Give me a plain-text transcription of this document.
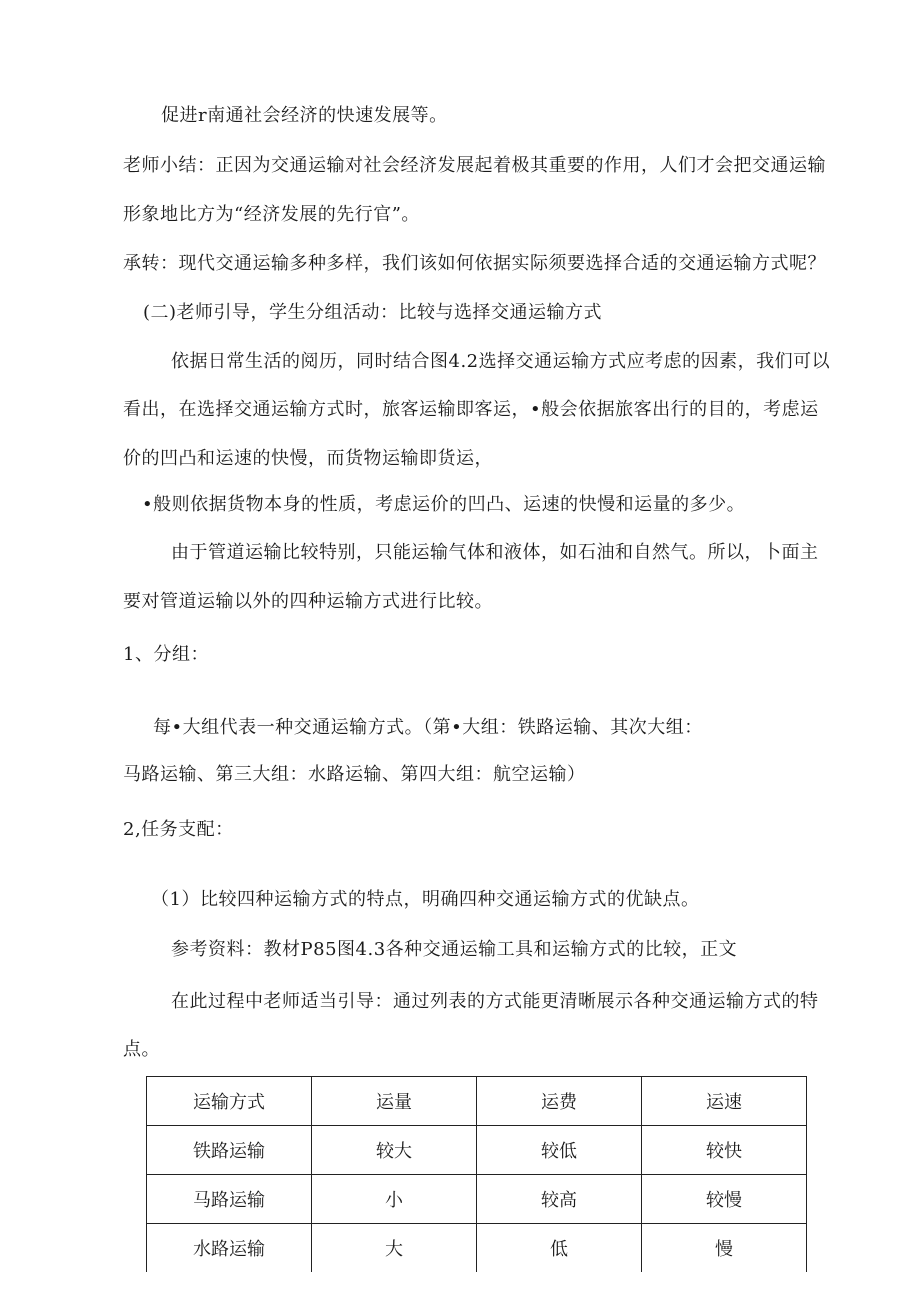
促进r南通社会经济的快速发展等。
老师小结：正因为交通运输对社会经济发展起着极其重要的作用，人们才会把交通运输
形象地比方为“经济发展的先行官”。
承转：现代交通运输多种多样，我们该如何依据实际须要选择合适的交通运输方式呢？
(二)老师引导，学生分组活动：比较与选择交通运输方式
依据日常生活的阅历，同时结合图4.2选择交通运输方式应考虑的因素，我们可以
看出，在选择交通运输方式时，旅客运输即客运，•般会依据旅客出行的目的，考虑运
价的凹凸和运速的快慢，而货物运输即货运，
•般则依据货物本身的性质，考虑运价的凹凸、运速的快慢和运量的多少。
由于管道运输比较特别，只能运输气体和液体，如石油和自然气。所以，卜面主
要对管道运输以外的四种运输方式进行比较。
1、分组：
每•大组代表一种交通运输方式。（第•大组：铁路运输、其次大组：
马路运输、第三大组：水路运输、第四大组：航空运输）
2,任务支配：
（1）比较四种运输方式的特点，明确四种交通运输方式的优缺点。
参考资料：教材P85图4.3各种交通运输工具和运输方式的比较，正文
在此过程中老师适当引导：通过列表的方式能更清晰展示各种交通运输方式的特
点。
运输方式	运量	运费	运速
铁路运输	较大	较低	较快
马路运输	小	较高	较慢
水路运输	大	低	慢
